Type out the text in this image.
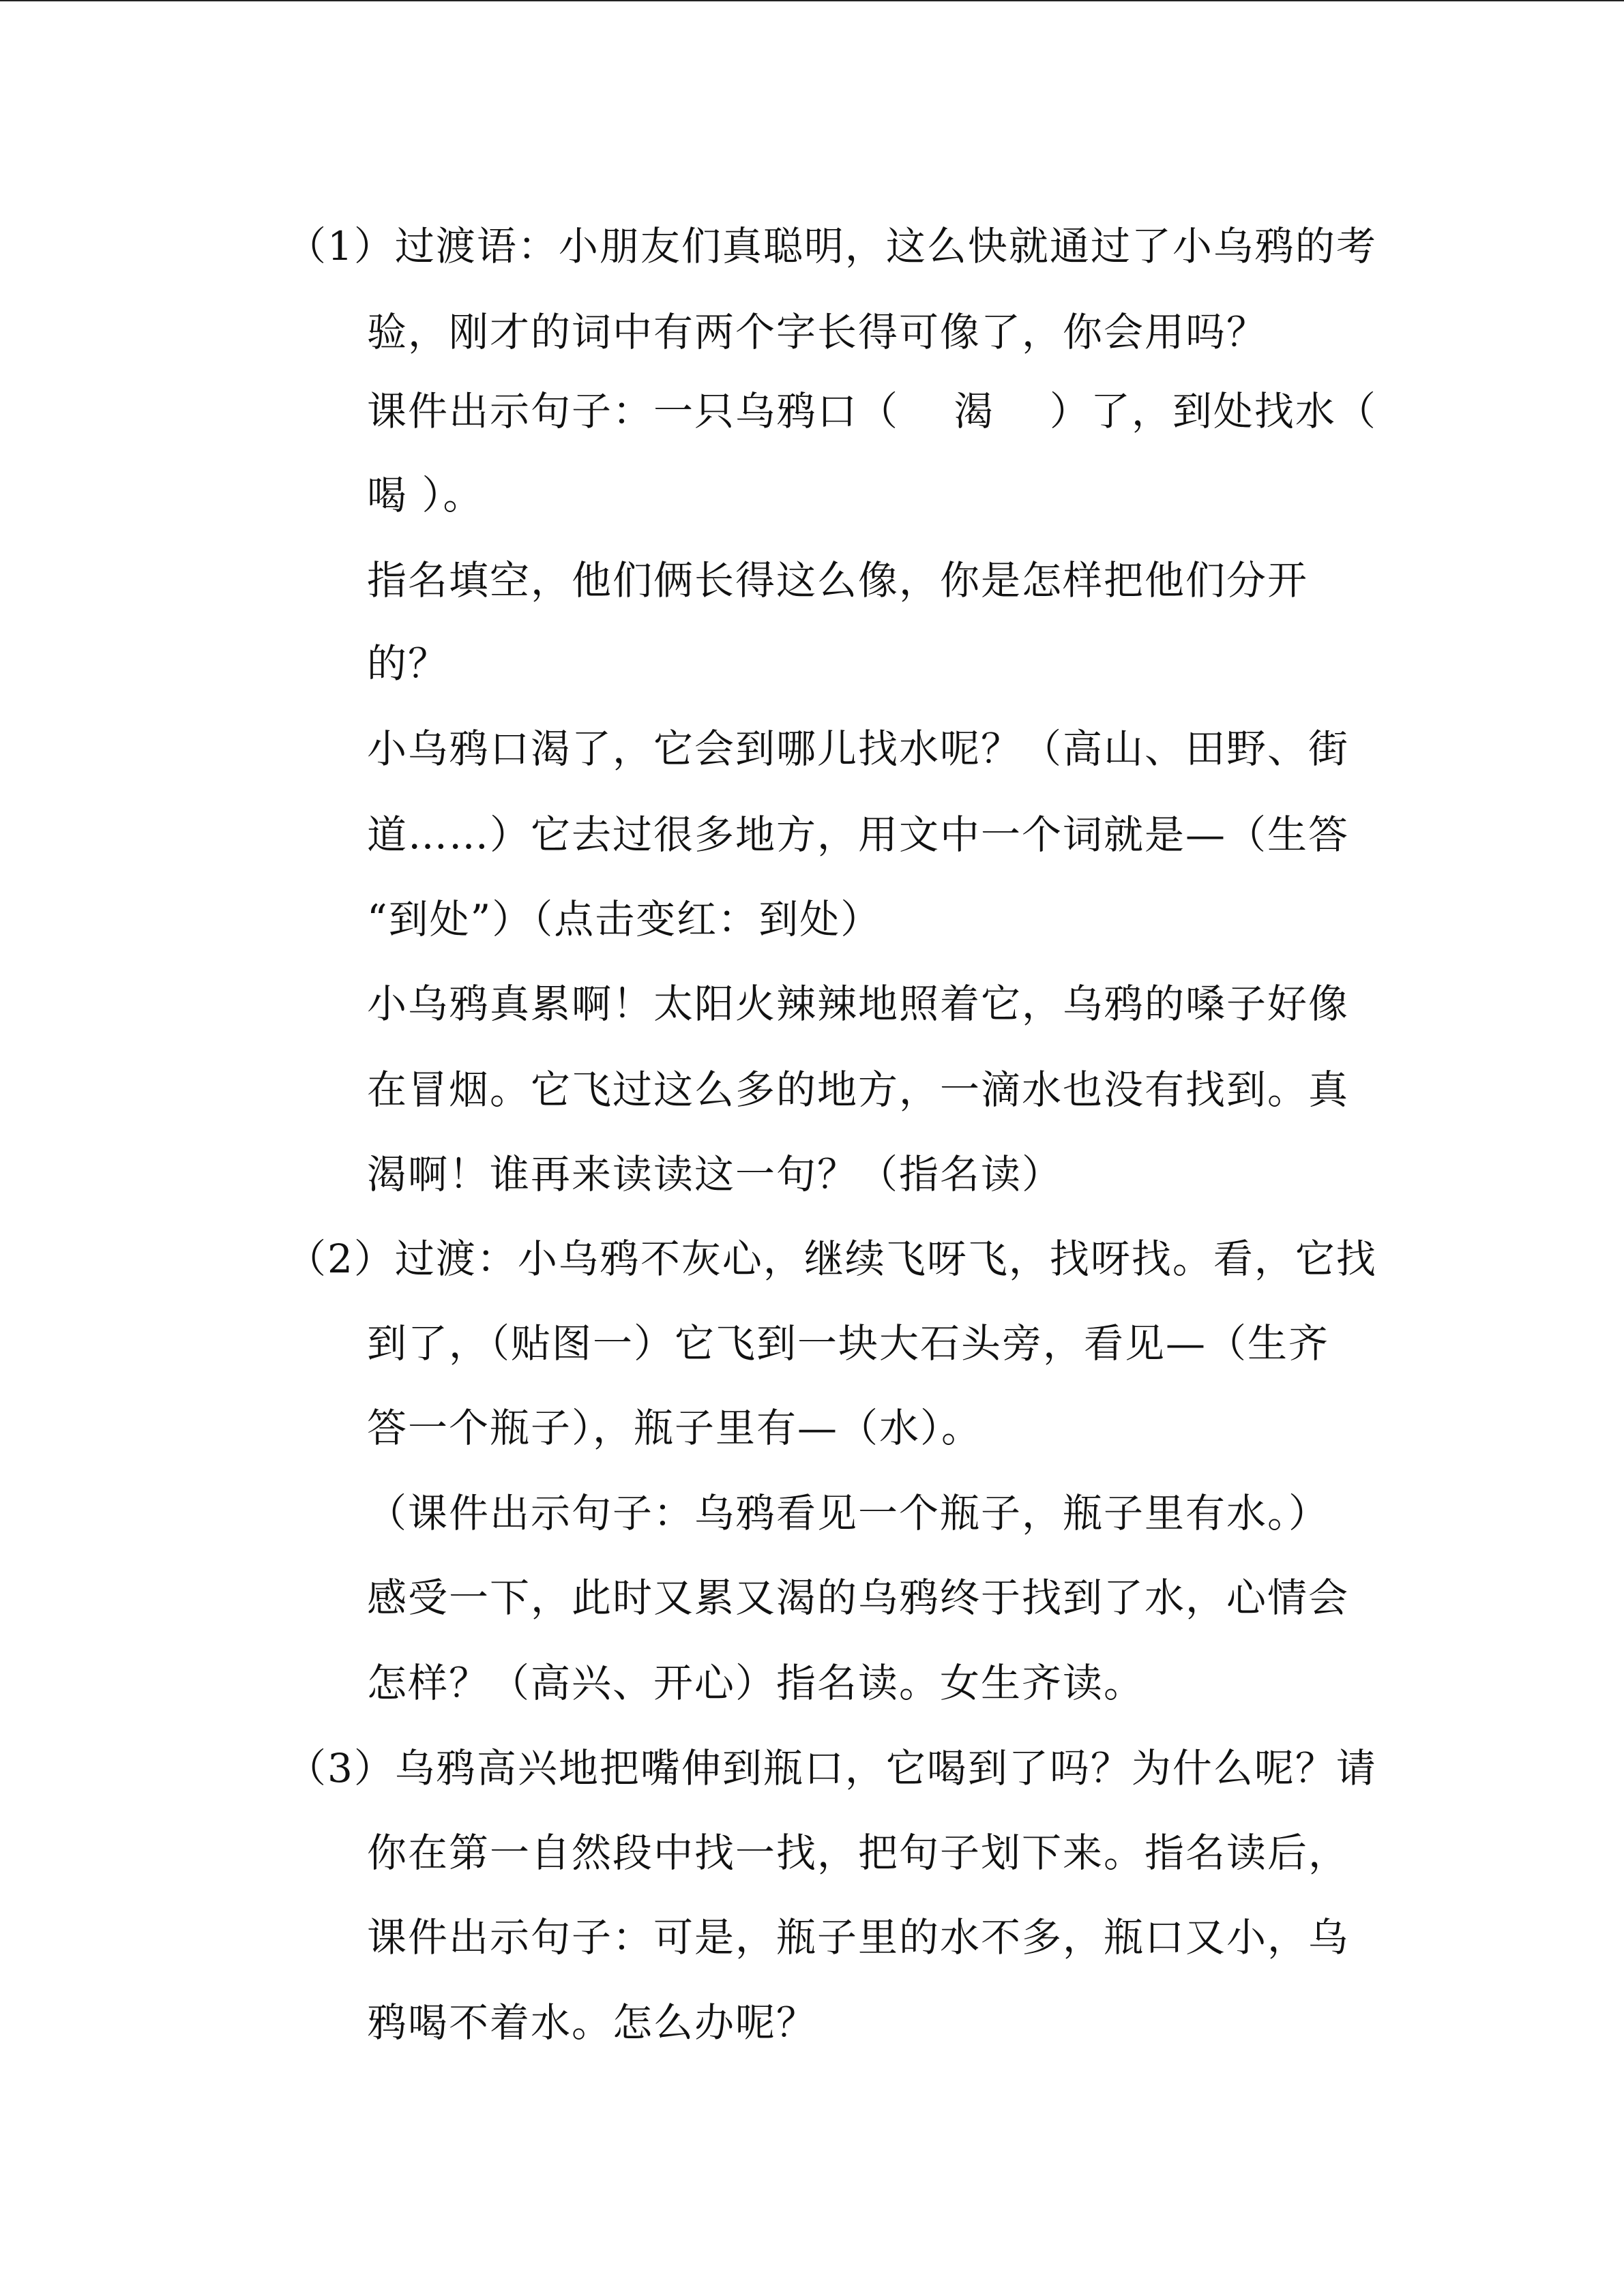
（1）过渡语：小朋友们真聪明，这么快就通过了小乌鸦的考
验，刚才的词中有两个字长得可像了，你会用吗？
课件出示句子：一只乌鸦口（　 渴　 ）了，到处找水（
喝 ）。
指名填空，他们俩长得这么像，你是怎样把他们分开
的？
小乌鸦口渴了，它会到哪儿找水呢？（高山、田野、街
道……）它去过很多地方，用文中一个词就是—（生答
“到处”）（点击变红：到处）
小乌鸦真累啊！太阳火辣辣地照着它，乌鸦的嗓子好像
在冒烟。它飞过这么多的地方，一滴水也没有找到。真
渴啊！谁再来读读这一句？（指名读）
（2）过渡：小乌鸦不灰心，继续飞呀飞，找呀找。看，它找
到了，（贴图一）它飞到一块大石头旁，看见—（生齐
答一个瓶子），瓶子里有—（水）。
（课件出示句子：乌鸦看见一个瓶子，瓶子里有水。）
感受一下，此时又累又渴的乌鸦终于找到了水，心情会
怎样？（高兴、开心）指名读。女生齐读。
（3）乌鸦高兴地把嘴伸到瓶口，它喝到了吗？为什么呢？请
你在第一自然段中找一找，把句子划下来。指名读后，
课件出示句子：可是，瓶子里的水不多，瓶口又小，乌
鸦喝不着水。怎么办呢？
